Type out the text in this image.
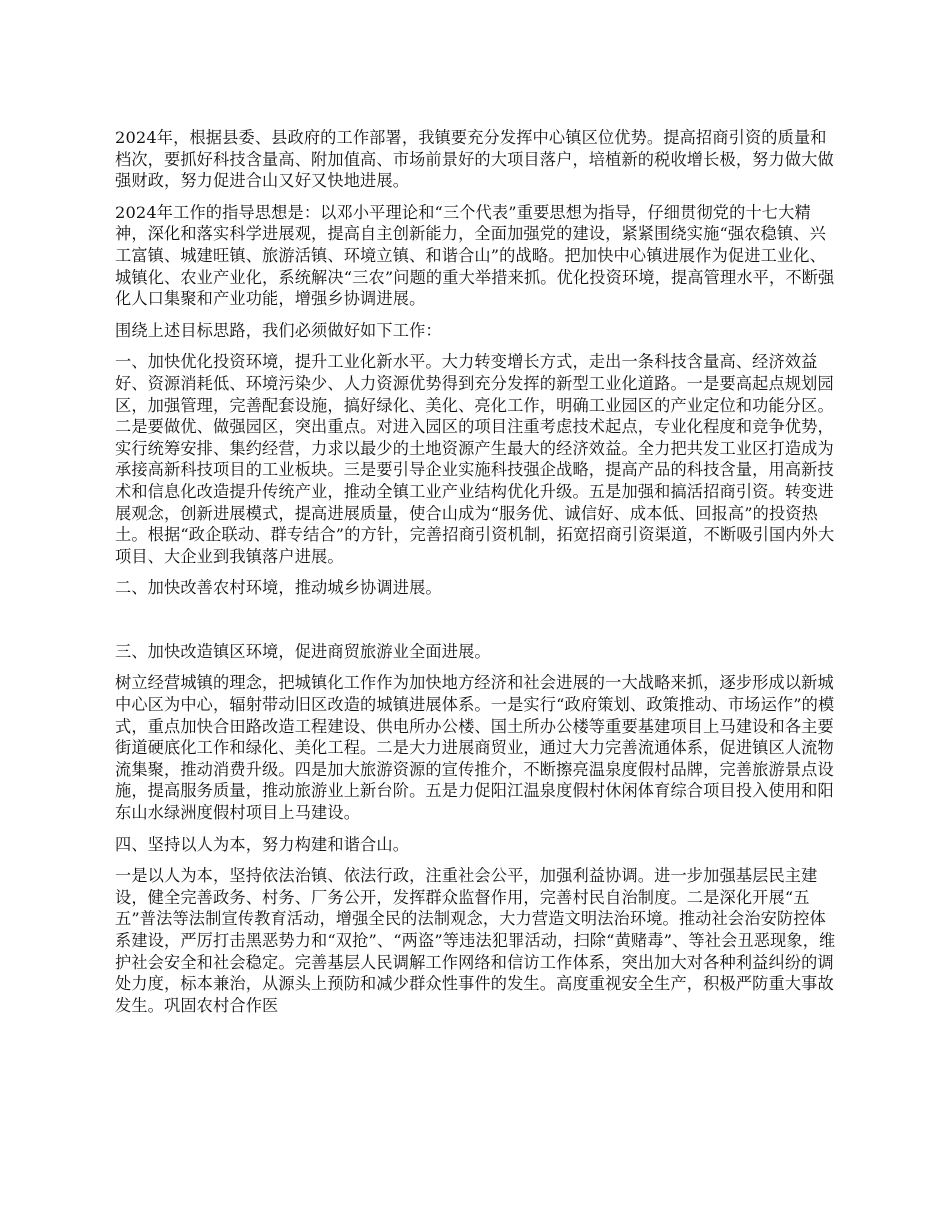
2024年，根据县委、县政府的工作部署，我镇要充分发挥中心镇区位优势。提高招商引资的质量和档次，要抓好科技含量高、附加值高、市场前景好的大项目落户，培植新的税收增长极，努力做大做强财政，努力促进合山又好又快地进展。

2024年工作的指导思想是：以邓小平理论和“三个代表”重要思想为指导，仔细贯彻党的十七大精神，深化和落实科学进展观，提高自主创新能力，全面加强党的建设，紧紧围绕实施“强农稳镇、兴工富镇、城建旺镇、旅游活镇、环境立镇、和谐合山”的战略。把加快中心镇进展作为促进工业化、城镇化、农业产业化，系统解决“三农”问题的重大举措来抓。优化投资环境，提高管理水平，不断强化人口集聚和产业功能，增强乡协调进展。

围绕上述目标思路，我们必须做好如下工作：

一、加快优化投资环境，提升工业化新水平。大力转变增长方式，走出一条科技含量高、经济效益好、资源消耗低、环境污染少、人力资源优势得到充分发挥的新型工业化道路。一是要高起点规划园区，加强管理，完善配套设施，搞好绿化、美化、亮化工作，明确工业园区的产业定位和功能分区。二是要做优、做强园区，突出重点。对进入园区的项目注重考虑技术起点，专业化程度和竞争优势，实行统筹安排、集约经营，力求以最少的土地资源产生最大的经济效益。全力把共发工业区打造成为承接高新科技项目的工业板块。三是要引导企业实施科技强企战略，提高产品的科技含量，用高新技术和信息化改造提升传统产业，推动全镇工业产业结构优化升级。五是加强和搞活招商引资。转变进展观念，创新进展模式，提高进展质量，使合山成为“服务优、诚信好、成本低、回报高”的投资热土。根据“政企联动、群专结合”的方针，完善招商引资机制，拓宽招商引资渠道，不断吸引国内外大项目、大企业到我镇落户进展。

二、加快改善农村环境，推动城乡协调进展。

三、加快改造镇区环境，促进商贸旅游业全面进展。

树立经营城镇的理念，把城镇化工作作为加快地方经济和社会进展的一大战略来抓，逐步形成以新城中心区为中心，辐射带动旧区改造的城镇进展体系。一是实行“政府策划、政策推动、市场运作”的模式，重点加快合田路改造工程建设、供电所办公楼、国土所办公楼等重要基建项目上马建设和各主要街道硬底化工作和绿化、美化工程。二是大力进展商贸业，通过大力完善流通体系，促进镇区人流物流集聚，推动消费升级。四是加大旅游资源的宣传推介，不断擦亮温泉度假村品牌，完善旅游景点设施，提高服务质量，推动旅游业上新台阶。五是力促阳江温泉度假村休闲体育综合项目投入使用和阳东山水绿洲度假村项目上马建设。

四、坚持以人为本，努力构建和谐合山。

一是以人为本，坚持依法治镇、依法行政，注重社会公平，加强利益协调。进一步加强基层民主建设，健全完善政务、村务、厂务公开，发挥群众监督作用，完善村民自治制度。二是深化开展“五五”普法等法制宣传教育活动，增强全民的法制观念，大力营造文明法治环境。推动社会治安防控体系建设，严厉打击黑恶势力和“双抢”、“两盗”等违法犯罪活动，扫除“黄赌毒”、等社会丑恶现象，维护社会安全和社会稳定。完善基层人民调解工作网络和信访工作体系，突出加大对各种利益纠纷的调处力度，标本兼治，从源头上预防和减少群众性事件的发生。高度重视安全生产，积极严防重大事故发生。巩固农村合作医
